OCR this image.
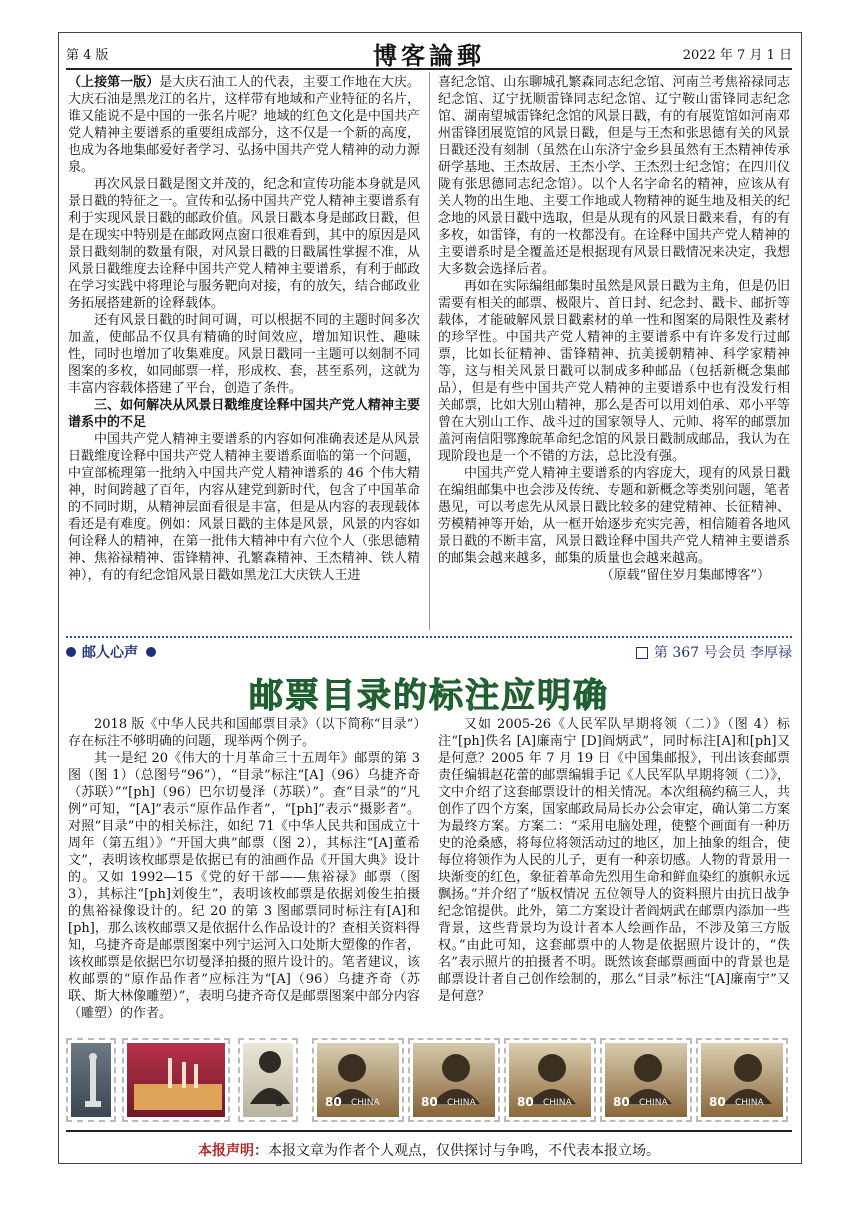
第 4 版	博客論郵	2022 年 7 月 1 日

（上接第一版）是大庆石油工人的代表，主要工作地在大庆。大庆石油是黑龙江的名片，这样带有地域和产业特征的名片，谁又能说不是中国的一张名片呢？地域的红色文化是中国共产党人精神主要谱系的重要组成部分，这不仅是一个新的高度，也成为各地集邮爱好者学习、弘扬中国共产党人精神的动力源泉。

再次风景日戳是图文并茂的，纪念和宣传功能本身就是风景日戳的特征之一。宣传和弘扬中国共产党人精神主要谱系有利于实现风景日戳的邮政价值。风景日戳本身是邮政日戳，但是在现实中特别是在邮政网点窗口很难看到，其中的原因是风景日戳刻制的数量有限，对风景日戳的日戳属性掌握不准，从风景日戳维度去诠释中国共产党人精神主要谱系，有利于邮政在学习实践中将理论与服务靶向对接，有的放矢，结合邮政业务拓展搭建新的诠释载体。

还有风景日戳的时间可调，可以根据不同的主题时间多次加盖，使邮品不仅具有精确的时间效应，增加知识性、趣味性，同时也增加了收集难度。风景日戳同一主题可以刻制不同图案的多枚，如同邮票一样，形成枚、套，甚至系列，这就为丰富内容载体搭建了平台，创造了条件。

三、如何解决从风景日戳维度诠释中国共产党人精神主要谱系中的不足

中国共产党人精神主要谱系的内容如何准确表述是从风景日戳维度诠释中国共产党人精神主要谱系面临的第一个问题，中宣部梳理第一批纳入中国共产党人精神谱系的 46 个伟大精神，时间跨越了百年，内容从建党到新时代，包含了中国革命的不同时期，从精神层面看很是丰富，但是从内容的表现载体看还是有难度。例如：风景日戳的主体是风景，风景的内容如何诠释人的精神，在第一批伟大精神中有六位个人（张思德精神、焦裕禄精神、雷锋精神、孔繁森精神、王杰精神、铁人精神），有的有纪念馆风景日戳如黑龙江大庆铁人王进

喜纪念馆、山东聊城孔繁森同志纪念馆、河南兰考焦裕禄同志纪念馆、辽宁抚顺雷锋同志纪念馆、辽宁鞍山雷锋同志纪念馆、湖南望城雷锋纪念馆的风景日戳，有的有展览馆如河南邓州雷锋团展览馆的风景日戳，但是与王杰和张思德有关的风景日戳还没有刻制（虽然在山东济宁金乡县虽然有王杰精神传承研学基地、王杰故居、王杰小学、王杰烈士纪念馆；在四川仪陇有张思德同志纪念馆）。以个人名字命名的精神，应该从有关人物的出生地、主要工作地或人物精神的诞生地及相关的纪念地的风景日戳中选取，但是从现有的风景日戳来看，有的有多枚，如雷锋，有的一枚都没有。在诠释中国共产党人精神的主要谱系时是全覆盖还是根据现有风景日戳情况来决定，我想大多数会选择后者。

再如在实际编组邮集时虽然是风景日戳为主角，但是仍旧需要有相关的邮票、极限片、首日封、纪念封、戳卡、邮折等载体，才能破解风景日戳素材的单一性和图案的局限性及素材的珍罕性。中国共产党人精神的主要谱系中有许多发行过邮票，比如长征精神、雷锋精神、抗美援朝精神、科学家精神等，这与相关风景日戳可以制成多种邮品（包括新概念集邮品），但是有些中国共产党人精神的主要谱系中也有没发行相关邮票，比如大别山精神，那么是否可以用刘伯承、邓小平等曾在大别山工作、战斗过的国家领导人、元帅、将军的邮票加盖河南信阳鄂豫皖革命纪念馆的风景日戳制成邮品，我认为在现阶段也是一个不错的方法，总比没有强。

中国共产党人精神主要谱系的内容庞大，现有的风景日戳在编组邮集中也会涉及传统、专题和新概念等类别问题，笔者愚见，可以考虑先从风景日戳比较多的建党精神、长征精神、劳模精神等开始，从一框开始逐步充实完善，相信随着各地风景日戳的不断丰富，风景日戳诠释中国共产党人精神主要谱系的邮集会越来越多，邮集的质量也会越来越高。

（原载“留住岁月集邮博客”）

邮人心声	第 367 号会员 李厚禄
邮票目录的标注应明确

2018 版《中华人民共和国邮票目录》（以下简称“目录”）存在标注不够明确的问题，现举两个例子。

其一是纪 20《伟大的十月革命三十五周年》邮票的第 3 图（图 1）（总图号“96”），“目录”标注“[A]（96）乌捷齐奇（苏联）”“[ph]（96）巴尔切曼泽（苏联）”。查“目录”的“凡例”可知，“[A]”表示“原作品作者”，“[ph]”表示“摄影者”。对照“目录”中的相关标注，如纪 71《中华人民共和国成立十周年（第五组）》“开国大典”邮票（图 2），其标注“[A]董希文”，表明该枚邮票是依据已有的油画作品《开国大典》设计的。又如 1992—15《党的好干部——焦裕禄》邮票（图 3），其标注“[ph]刘俊生”，表明该枚邮票是依据刘俊生拍摄的焦裕禄像设计的。纪 20 的第 3 图邮票同时标注有[A]和[ph]，那么该枚邮票又是依据什么作品设计的？查相关资料得知，乌捷齐奇是邮票图案中列宁运河入口处斯大塑像的作者，该枚邮票是依据巴尔切曼泽拍摄的照片设计的。笔者建议，该枚邮票的“原作品作者”应标注为“[A]（96）乌捷齐奇（苏联、斯大林像雕塑）”，表明乌捷齐奇仅是邮票图案中部分内容（雕塑）的作者。

又如 2005-26《人民军队早期将领（二）》（图 4）标注“[ph]佚名 [A]廉南宁 [D]阎炳武”，同时标注[A]和[ph]又是何意？2005 年 7 月 19 日《中国集邮报》，刊出该套邮票责任编辑赵花蕾的邮票编辑手记《人民军队早期将领（二）》，文中介绍了这套邮票设计的相关情况。本次组稿约稿三人，共创作了四个方案，国家邮政局局长办公会审定，确认第二方案为最终方案。方案二：“采用电脑处理，使整个画面有一种历史的沧桑感，将每位将领活动过的地区，加上抽象的组合，使每位将领作为人民的儿子，更有一种亲切感。人物的背景用一块渐变的红色，象征着革命先烈用生命和鲜血染红的旗帜永远飘扬。”并介绍了“版权情况 五位领导人的资料照片由抗日战争纪念馆提供。此外，第二方案设计者阎炳武在邮票内添加一些背景，这些背景均为设计者本人绘画作品，不涉及第三方版权。”由此可知，这套邮票中的人物是依据照片设计的，“佚名”表示照片的拍摄者不明。既然该套邮票画面中的背景也是邮票设计者自己创作绘制的，那么“目录”标注“[A]廉南宁”又是何意？

3	80 CHINA	80 CHINA	80 CHINA	80 CHINA	80 CHINA
本报声明：本报文章为作者个人观点，仅供探讨与争鸣，不代表本报立场。
